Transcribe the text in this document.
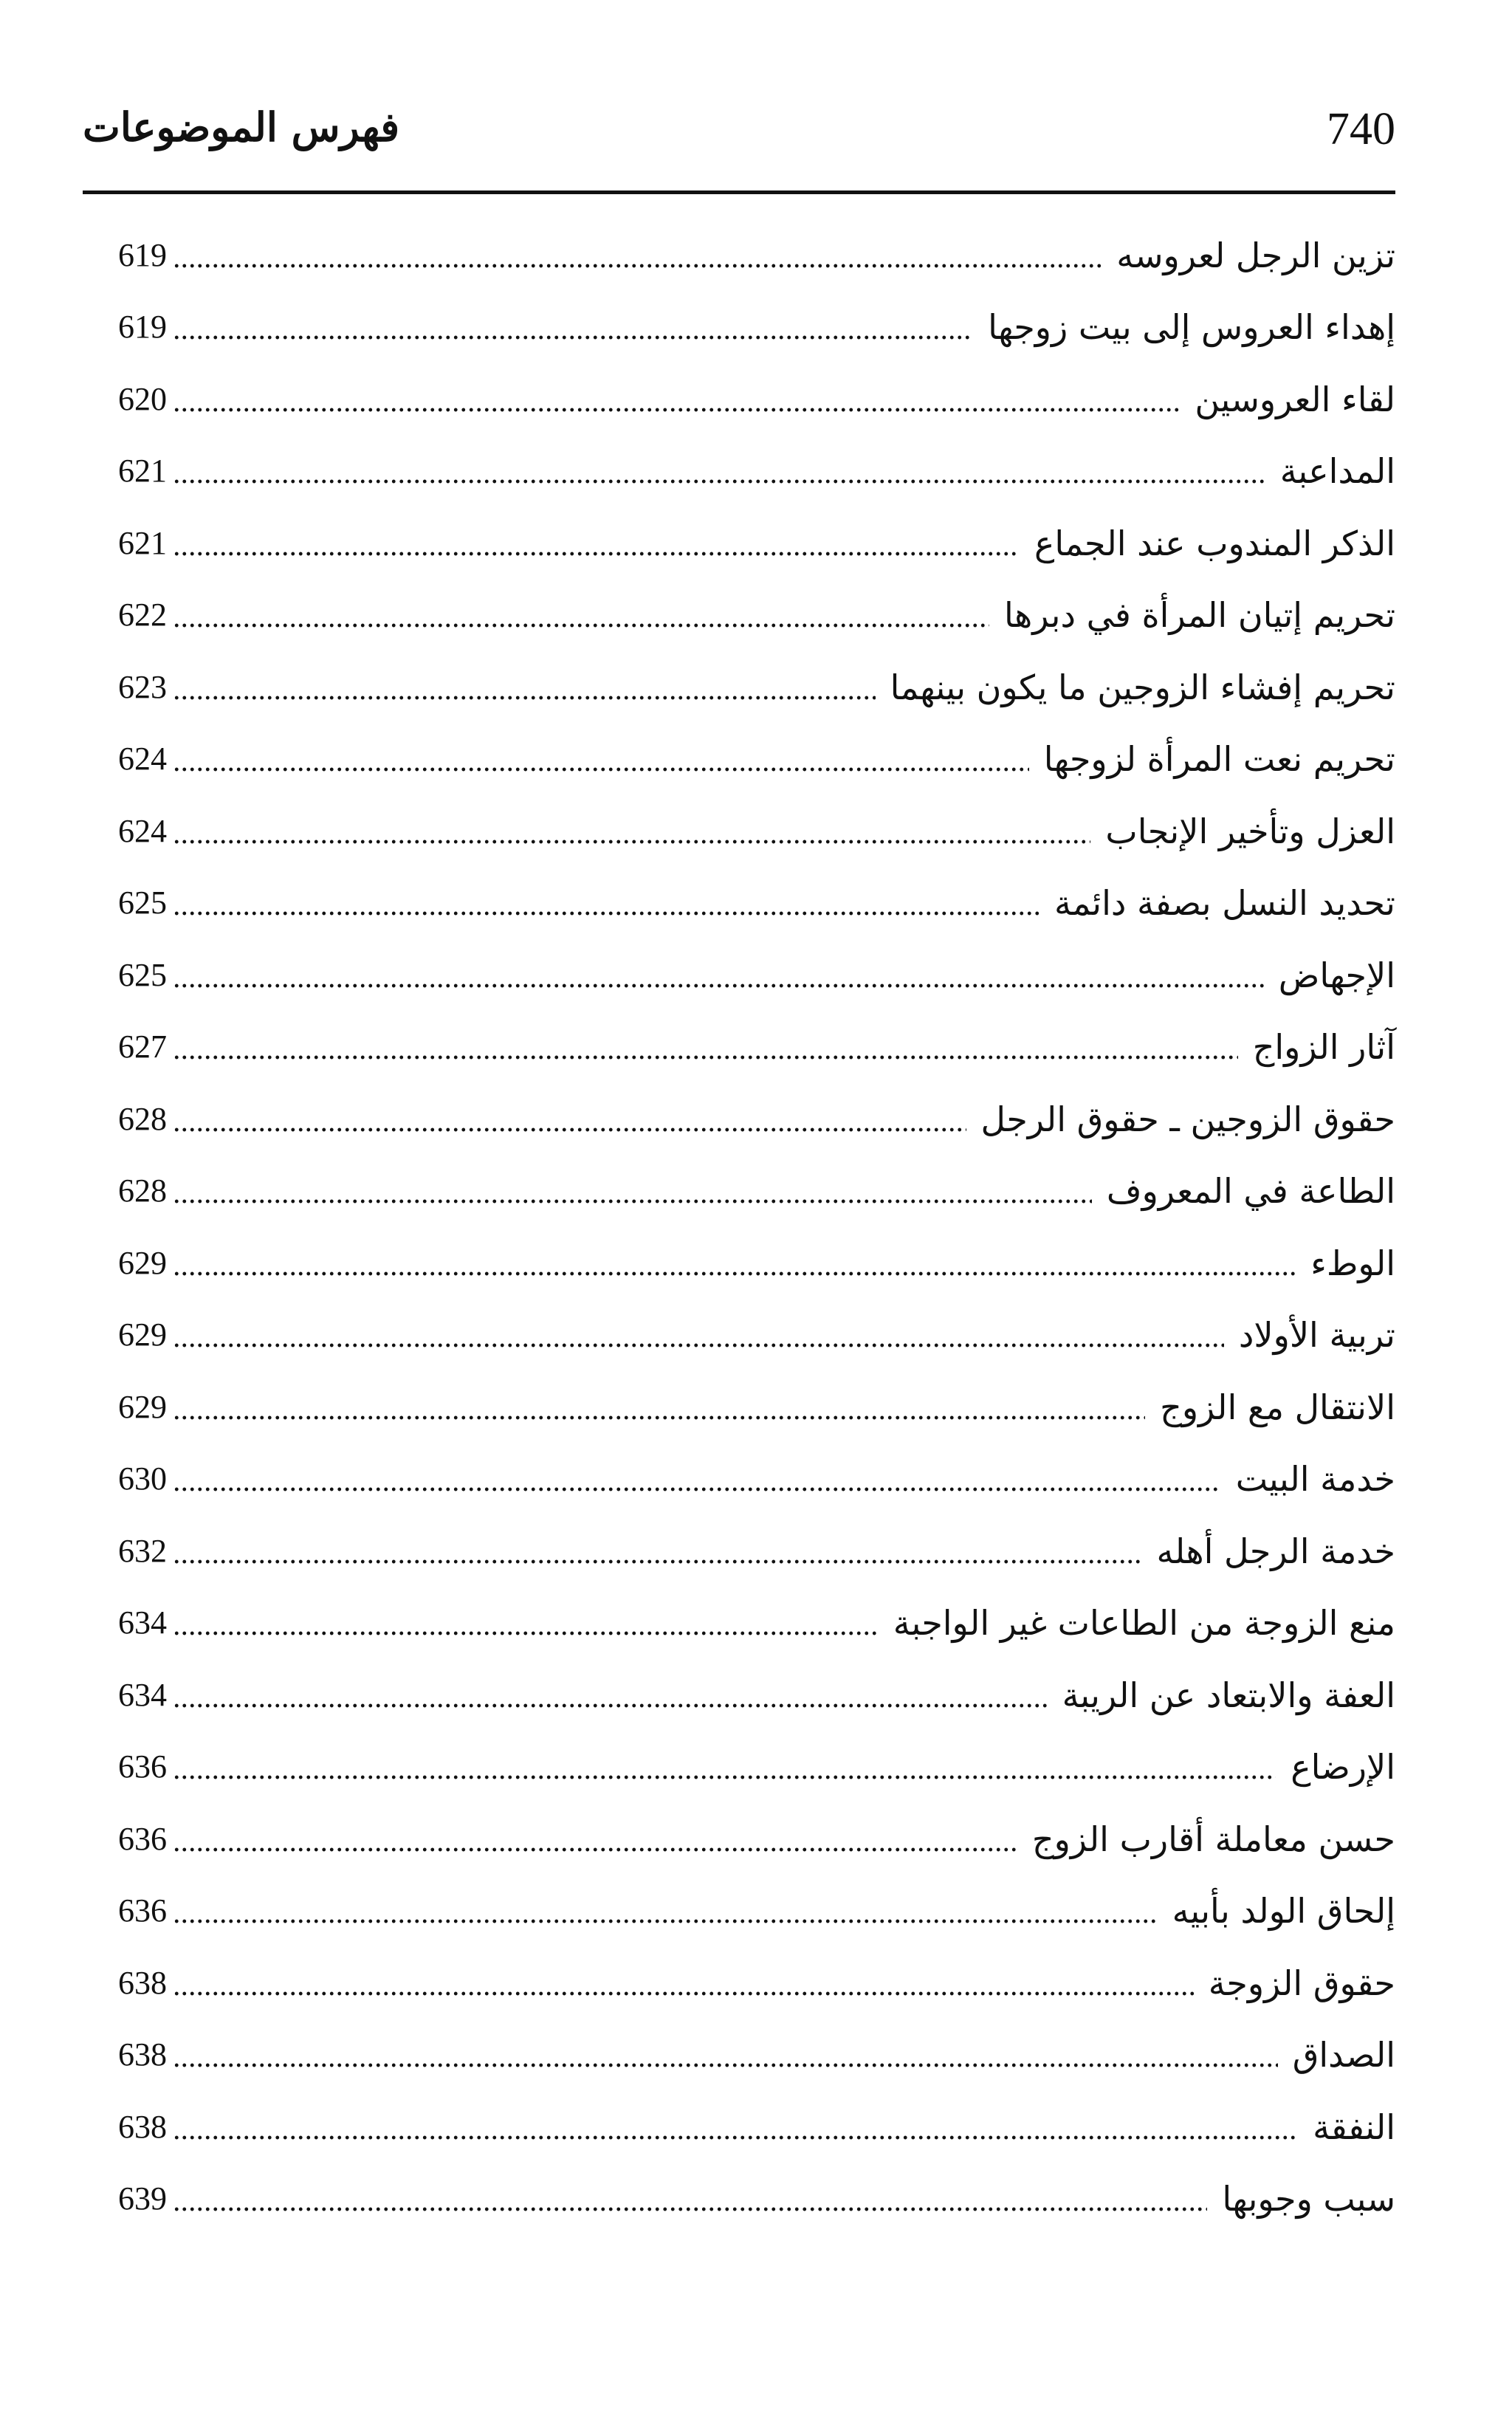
740
فهرس الموضوعات
تزين الرجل لعروسه
619
إهداء العروس إلى بيت زوجها
619
لقاء العروسين
620
المداعبة
621
الذكر المندوب عند الجماع
621
تحريم إتيان المرأة في دبرها
622
تحريم إفشاء الزوجين ما يكون بينهما
623
تحريم نعت المرأة لزوجها
624
العزل وتأخير الإنجاب
624
تحديد النسل بصفة دائمة
625
الإجهاض
625
آثار الزواج
627
حقوق الزوجين ـ حقوق الرجل
628
الطاعة في المعروف
628
الوطء
629
تربية الأولاد
629
الانتقال مع الزوج
629
خدمة البيت
630
خدمة الرجل أهله
632
منع الزوجة من الطاعات غير الواجبة
634
العفة والابتعاد عن الريبة
634
الإرضاع
636
حسن معاملة أقارب الزوج
636
إلحاق الولد بأبيه
636
حقوق الزوجة
638
الصداق
638
النفقة
638
سبب وجوبها
639
